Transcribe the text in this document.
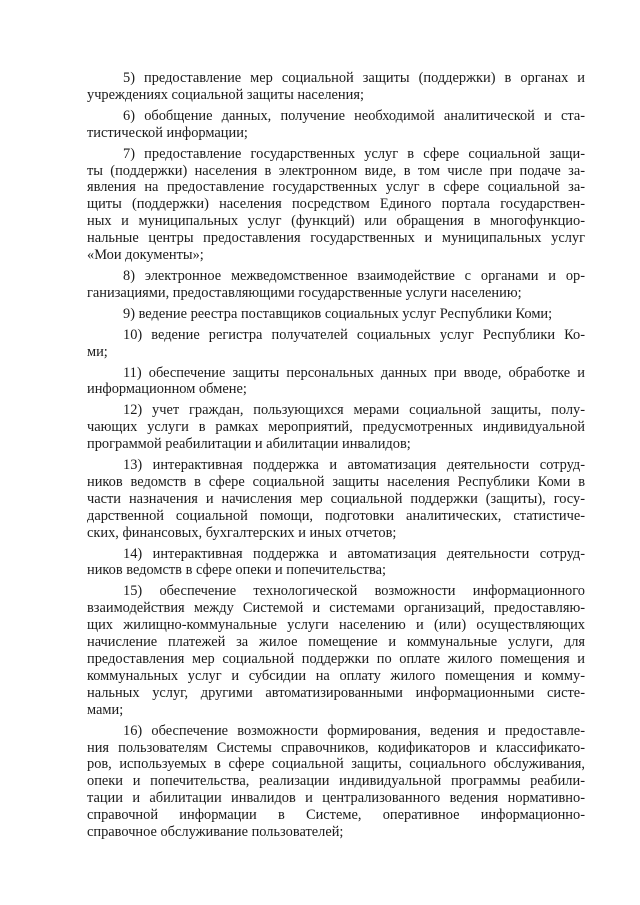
5) предоставление мер социальной защиты (поддержки) в органах и
учреждениях социальной защиты населения;
6) обобщение данных, получение необходимой аналитической и ста-
тистической информации;
7) предоставление государственных услуг в сфере социальной защи-
ты (поддержки) населения в электронном виде, в том числе при подаче за-
явления на предоставление государственных услуг в сфере социальной за-
щиты (поддержки) населения посредством Единого портала государствен-
ных и муниципальных услуг (функций) или обращения в многофункцио-
нальные центры предоставления государственных и муниципальных услуг
«Мои документы»;
8) электронное межведомственное взаимодействие с органами и ор-
ганизациями, предоставляющими государственные услуги населению;
9) ведение реестра поставщиков социальных услуг Республики Коми;
10) ведение регистра получателей социальных услуг Республики Ко-
ми;
11) обеспечение защиты персональных данных при вводе, обработке и
информационном обмене;
12) учет граждан, пользующихся мерами социальной защиты, полу-
чающих услуги в рамках мероприятий, предусмотренных индивидуальной
программой реабилитации и абилитации инвалидов;
13) интерактивная поддержка и автоматизация деятельности сотруд-
ников ведомств в сфере социальной защиты населения Республики Коми в
части назначения и начисления мер социальной поддержки (защиты), госу-
дарственной социальной помощи, подготовки аналитических, статистиче-
ских, финансовых, бухгалтерских и иных отчетов;
14) интерактивная поддержка и автоматизация деятельности сотруд-
ников ведомств в сфере опеки и попечительства;
15) обеспечение технологической возможности информационного
взаимодействия между Системой и системами организаций, предоставляю-
щих жилищно-коммунальные услуги населению и (или) осуществляющих
начисление платежей за жилое помещение и коммунальные услуги, для
предоставления мер социальной поддержки по оплате жилого помещения и
коммунальных услуг и субсидии на оплату жилого помещения и комму-
нальных услуг, другими автоматизированными информационными систе-
мами;
16) обеспечение возможности формирования, ведения и предоставле-
ния пользователям Системы справочников, кодификаторов и классификато-
ров, используемых в сфере социальной защиты, социального обслуживания,
опеки и попечительства, реализации индивидуальной программы реабили-
тации и абилитации инвалидов и централизованного ведения нормативно-
справочной информации в Системе, оперативное информационно-
справочное обслуживание пользователей;
